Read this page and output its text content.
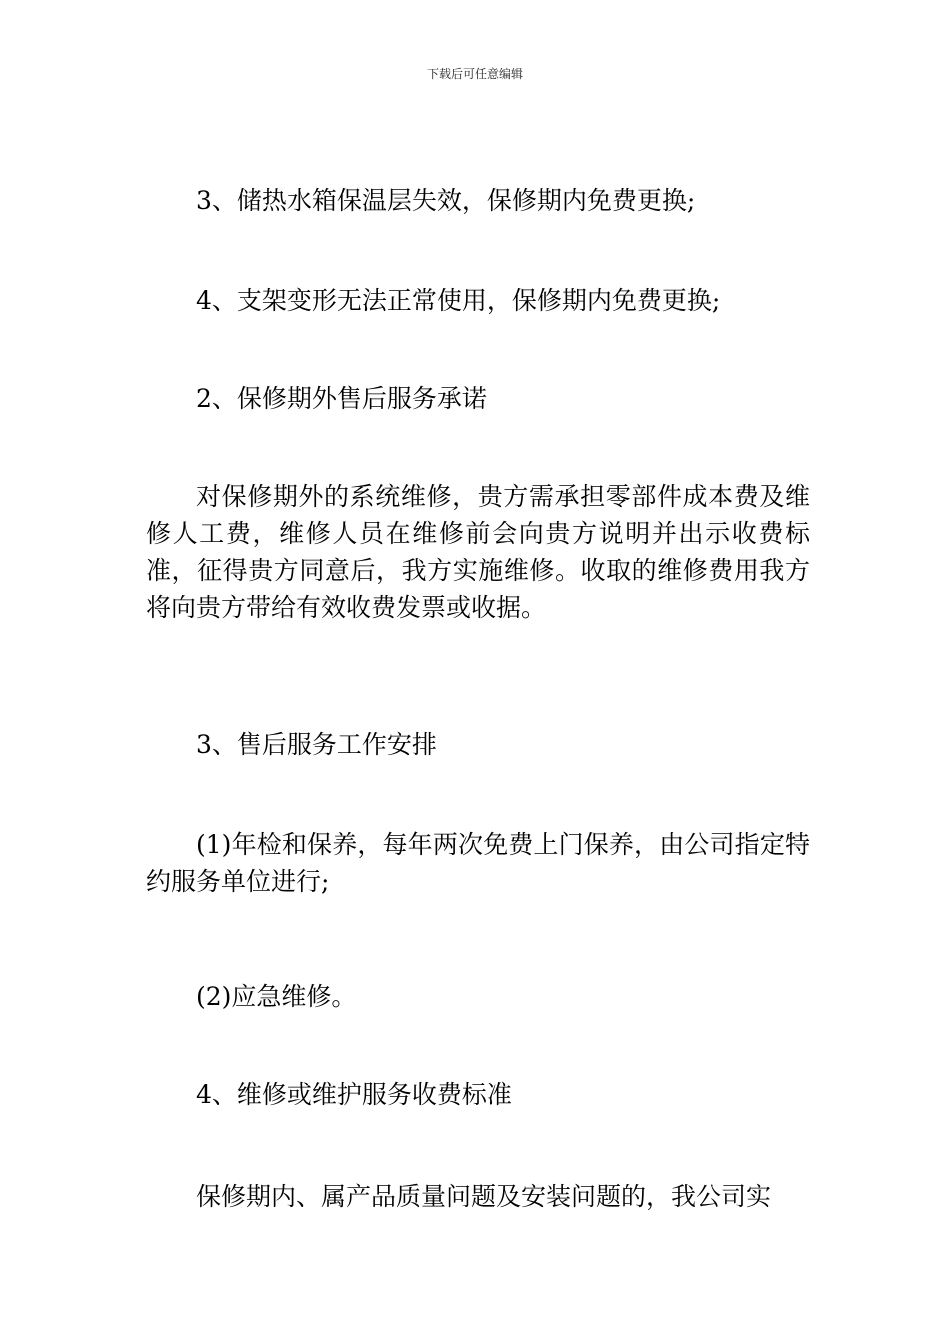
下载后可任意编辑

3、储热水箱保温层失效，保修期内免费更换;

4、支架变形无法正常使用，保修期内免费更换;

2、保修期外售后服务承诺

对保修期外的系统维修，贵方需承担零部件成本费及维修人工费，维修人员在维修前会向贵方说明并出示收费标准，征得贵方同意后，我方实施维修。收取的维修费用我方将向贵方带给有效收费发票或收据。

3、售后服务工作安排

(1)年检和保养，每年两次免费上门保养，由公司指定特约服务单位进行;

(2)应急维修。

4、维修或维护服务收费标准

保修期内、属产品质量问题及安装问题的，我公司实
